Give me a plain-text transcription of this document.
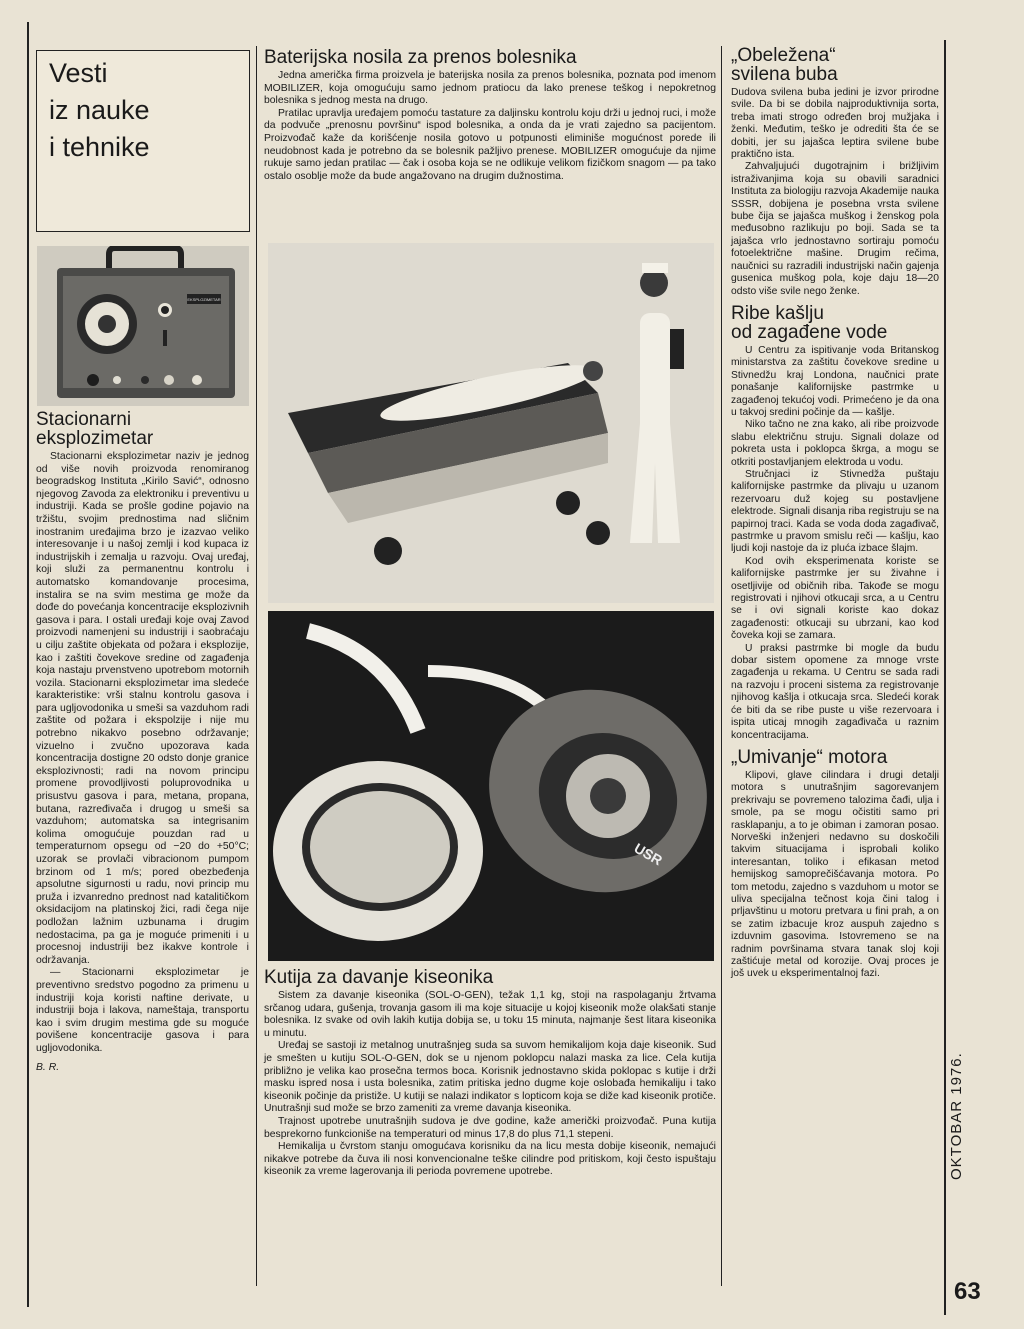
Vesti
iz nauke
i tehnike
EKSPLOZIMETAR
Stacionarni
eksplozimetar

Stacionarni eksplozimetar naziv je jednog od više novih proizvoda renomiranog beogradskog Instituta „Kirilo Savić“, odnosno njegovog Zavoda za elektroniku i preventivu u industriji. Kada se prošle godine pojavio na tržištu, svojim prednostima nad sličnim inostranim uređajima brzo je izazvao veliko interesovanje i u našoj zemlji i kod kupaca iz industrijskih i zemalja u razvoju. Ovaj uređaj, koji služi za permanentnu kontrolu i automatsko komandovanje procesima, instalira se na svim mestima ge može da dođe do povećanja koncentracije eksplozivnih gasova i para. I ostali uređaji koje ovaj Zavod proizvodi namenjeni su industriji i saobraćaju u cilju zaštite objekata od požara i eksplozije, kao i zaštiti čovekove sredine od zagađenja koja nastaju prvenstveno upotrebom motornih vozila. Stacionarni eksplozimetar ima sledeće karakteristike: vrši stalnu kontrolu gasova i para ugljovodonika u smeši sa vazduhom radi zaštite od požara i ekspolzije i nije mu potrebno nikakvo posebno održavanje; vizuelno i zvučno upozorava kada koncentracija dostigne 20 odsto donje granice eksplozivnosti; radi na novom principu promene provodljivosti poluprovodnika u prisustvu gasova i para, metana, propana, butana, razređivača i drugog u smeši sa vazduhom; automatska sa integrisanim kolima omogućuje pouzdan rad u temperaturnom opsegu od −20 do +50°C; uzorak se provlači vibracionom pumpom brzinom od 1 m/s; pored obezbeđenja apsolutne sigurnosti u radu, novi princip mu pruža i izvanredno prednost nad katalitičkom oksidacijom na platinskoj žici, radi čega nije podložan lažnim uzbunama i drugim nedostacima, pa ga je moguće primeniti i u procesnoj industriji bez ikakve kontrole i održavanja.

— Stacionarni eksplozimetar je preventivno sredstvo pogodno za primenu u industriji koja koristi naftine derivate, u industriji boja i lakova, nameštaja, transportu kao i svim drugim mestima gde su moguće povišene koncentracije gasova i para ugljovodonika.

B. R.
Baterijska nosila za prenos bolesnika

Jedna američka firma proizvela je baterijska nosila za prenos bolesnika, poznata pod imenom MOBILIZER, koja omogućuju samo jednom pratiocu da lako prenese teškog i nepokretnog bolesnika s jednog mesta na drugo.

Pratilac upravlja uređajem pomoću tastature za daljinsku kontrolu koju drži u jednoj ruci, i može da podvuče „prenosnu površinu“ ispod bolesnika, a onda da je vrati zajedno sa pacijentom. Proizvođač kaže da korišćenje nosila gotovo u potpunosti eliminiše mogućnost porede ili neudobnost kada je potrebno da se bolesnik pažljivo prenese. MOBILIZER omogućuje da njime rukuje samo jedan pratilac — čak i osoba koja se ne odlikuje velikom fizičkom snagom — pa tako ostalo osoblje može da bude angažovano na drugim dužnostima.

USR
Kutija za davanje kiseonika

Sistem za davanje kiseonika (SOL-O-GEN), težak 1,1 kg, stoji na raspolaganju žrtvama srčanog udara, gušenja, trovanja gasom ili ma koje situacije u kojoj kiseonik može olakšati stanje bolesnika. Iz svake od ovih lakih kutija dobija se, u toku 15 minuta, najmanje šest litara kiseonika u minutu.

Uređaj se sastoji iz metalnog unutrašnjeg suda sa suvom hemikalijom koja daje kiseonik. Sud je smešten u kutiju SOL-O-GEN, dok se u njenom poklopcu nalazi maska za lice. Cela kutija približno je velika kao prosečna termos boca. Korisnik jednostavno skida poklopac s kutije i drži masku ispred nosa i usta bolesnika, zatim pritiska jedno dugme koje oslobađa hemikaliju i tako kiseonik počinje da pristiže. U kutiji se nalazi indikator s lopticom koja se diže kad kiseonik protiče. Unutrašnji sud može se brzo zameniti za vreme davanja kiseonika.

Trajnost upotrebe unutrašnjih sudova je dve godine, kaže američki proizvođač. Puna kutija besprekorno funkcioniše na temperaturi od minus 17,8 do plus 71,1 stepeni.

Hemikalija u čvrstom stanju omogućava korisniku da na licu mesta dobije kiseonik, nemajući nikakve potrebe da čuva ili nosi konvencionalne teške cilindre pod pritiskom, koji često ispuštaju kiseonik za vreme lagerovanja ili perioda povremene upotrebe.

„Obeležena“
svilena buba

Dudova svilena buba jedini je izvor prirodne svile. Da bi se dobila najproduktivnija sorta, treba imati strogo određen broj mužjaka i ženki. Međutim, teško je odrediti šta će se dobiti, jer su jajašca leptira svilene bube praktično ista.

Zahvaljujući dugotrajnim i brižljivim istraživanjima koja su obavili saradnici Instituta za biologiju razvoja Akademije nauka SSSR, dobijena je posebna vrsta svilene bube čija se jajašca muškog i ženskog pola međusobno razlikuju po boji. Sada se ta jajašca vrlo jednostavno sortiraju pomoću fotoelektrične mašine. Drugim rečima, naučnici su razradili industrijski način gajenja gusenica muškog pola, koje daju 18—20 odsto više svile nego ženke.

Ribe kašlju
od zagađene vode

U Centru za ispitivanje voda Britanskog ministarstva za zaštitu čovekove sredine u Stivnedžu kraj Londona, naučnici prate ponašanje kalifornijske pastrmke u zagađenoj tekućoj vodi. Primećeno je da ona u takvoj sredini počinje da — kašlje.

Niko tačno ne zna kako, ali ribe proizvode slabu električnu struju. Signali dolaze od pokreta usta i poklopca škrga, a mogu se otkriti postavljanjem elektroda u vodu.

Stručnjaci iz Stivnedža puštaju kalifornijske pastrmke da plivaju u uzanom rezervoaru duž kojeg su postavljene elektrode. Signali disanja riba registruju se na papirnoj traci. Kada se voda doda zagađivač, pastrmke u pravom smislu reči — kašlju, kao ljudi koji nastoje da iz pluća izbace šlajm.

Kod ovih eksperimenata koriste se kalifornijske pastrmke jer su živahne i osetljivije od običnih riba. Takođe se mogu registrovati i njihovi otkucaji srca, a u Centru se i ovi signali koriste kao dokaz zagađenosti: otkucaji su ubrzani, kao kod čoveka koji se zamara.

U praksi pastrmke bi mogle da budu dobar sistem opomene za mnoge vrste zagađenja u rekama. U Centru se sada radi na razvoju i proceni sistema za registrovanje njihovog kašlja i otkucaja srca. Sledeći korak će biti da se ribe puste u više rezervoara i ispita uticaj mnogih zagađivača u raznim koncentracijama.

„Umivanje“ motora

Klipovi, glave cilindara i drugi detalji motora s unutrašnjim sagorevanjem prekrivaju se povremeno talozima čađi, ulja i smole, pa se mogu očistiti samo pri rasklapanju, a to je obiman i zamoran posao. Norveški inženjeri nedavno su doskočili takvim situacijama i isprobali koliko interesantan, toliko i efikasan metod hemijskog samoprečišćavanja motora. Po tom metodu, zajedno s vazduhom u motor se uliva specijalna tečnost koja čini talog i prljavštinu u motoru pretvara u fini prah, a on se zatim izbacuje kroz auspuh zajedno s izduvnim gasovima. Istovremeno se na radnim površinama stvara tanak sloj koji zaštićuje metal od korozije. Ovaj proces je još uvek u eksperimentalnoj fazi.

OKTOBAR 1976.
63
